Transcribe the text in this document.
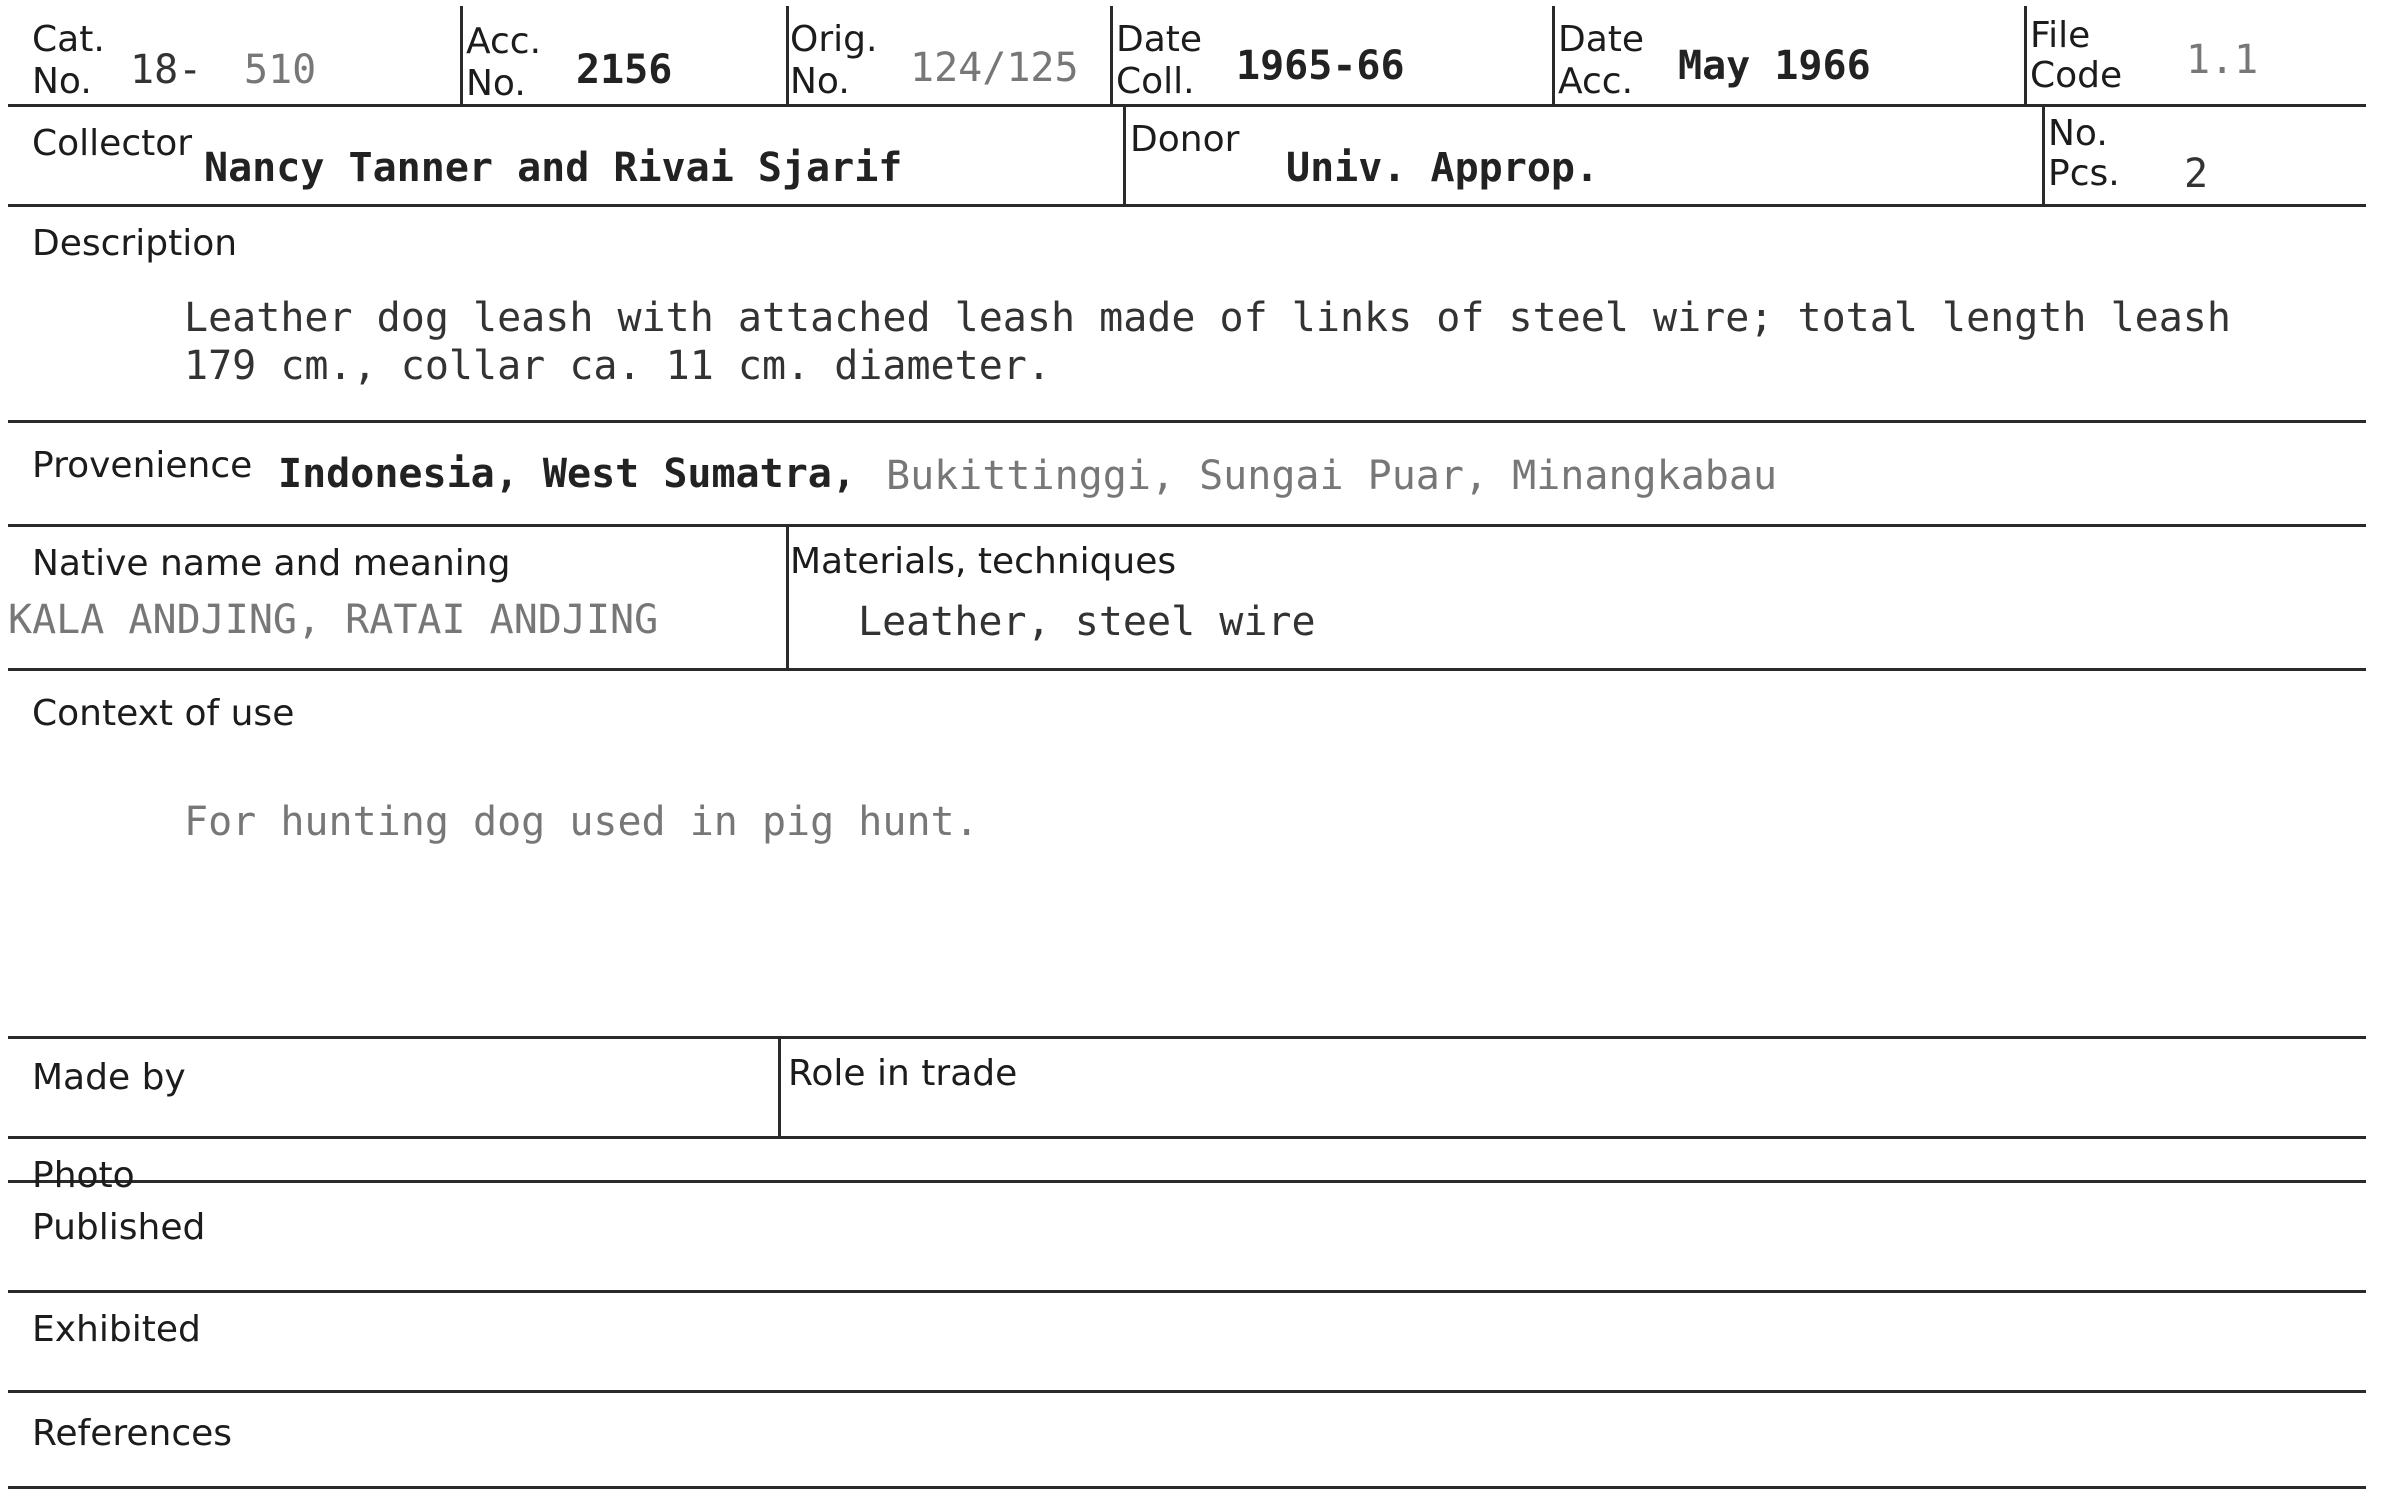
Cat.
No. 18- 510
Acc.
No. 2156
Orig.
No. 124/125
Date
Coll. 1965-66
Date
Acc. May 1966
File
Code 1.1
Collector
Nancy Tanner and Rivai Sjarif
Donor
Univ. Approp.
No.
Pcs. 2
Description
Leather dog leash with attached leash made of links of steel wire; total length leash 179 cm., collar ca. 11 cm. diameter.
Provenience Indonesia, West Sumatra, Bukittinggi, Sungai Puar, Minangkabau
Native name and meaning
KALA ANDJING, RATAI ANDJING
Materials, techniques
Leather, steel wire
Context of use
For hunting dog used in pig hunt.
Made by	Role in trade
Photo
Published
Exhibited
References
